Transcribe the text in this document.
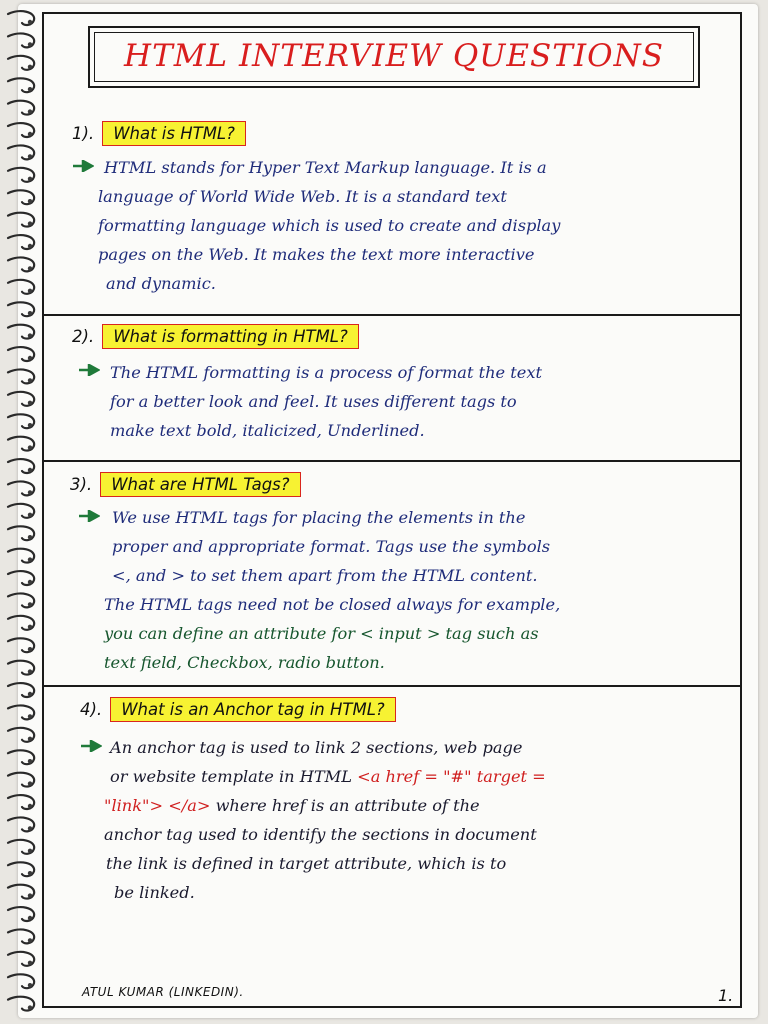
HTML INTERVIEW QUESTIONS
1). What is HTML?
HTML stands for Hyper Text Markup language. It is a
language of World Wide Web. It is a standard text
formatting language which is used to create and display
pages on the Web. It makes the text more interactive
and dynamic.
2). What is formatting in HTML?
The HTML formatting is a process of format the text
for a better look and feel. It uses different tags to
make text bold, italicized, Underlined.
3). What are HTML Tags?
We use HTML tags for placing the elements in the
proper and appropriate format. Tags use the symbols
<, and > to set them apart from the HTML content.
The HTML tags need not be closed always for example,
you can define an attribute for < input > tag such as
text field, Checkbox, radio button.
4). What is an Anchor tag in HTML?
An anchor tag is used to link 2 sections, web page
or website template in HTML <a href = "#" target =
"link"> </a> where href is an attribute of the
anchor tag used to identify the sections in document
the link is defined in target attribute, which is to
be linked.
ATUL KUMAR (LINKEDIN).	1.
